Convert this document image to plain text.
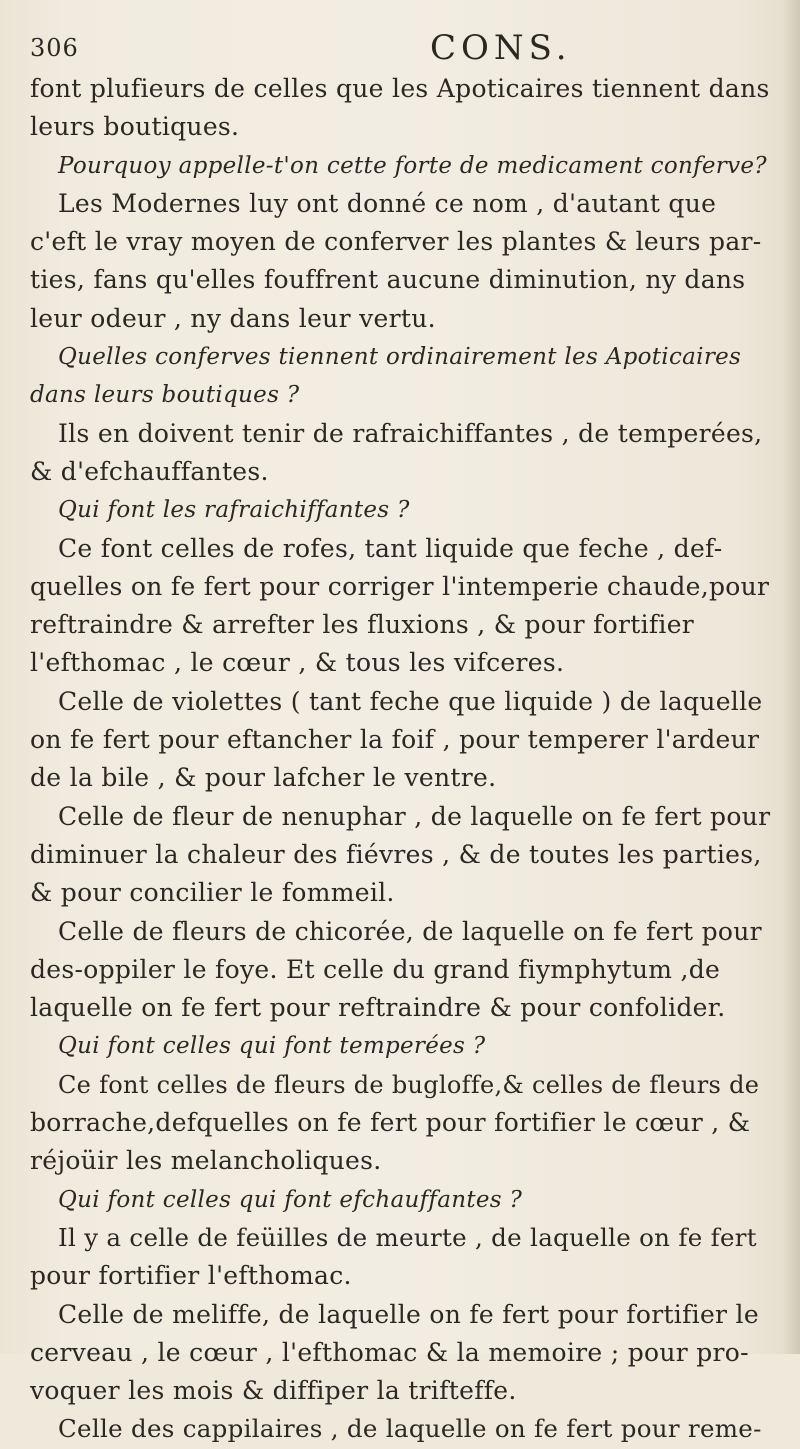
306	CONS.
font plufieurs de celles que les Apoticaires tiennent dans
leurs boutiques.
Pourquoy appelle-t'on cette forte de medicament conferve?
Les Modernes luy ont donné ce nom , d'autant que
c'eft le vray moyen de conferver les plantes & leurs par-
ties, fans qu'elles fouffrent aucune diminution, ny dans
leur odeur , ny dans leur vertu.
Quelles conferves tiennent ordinairement les Apoticaires
dans leurs boutiques ?
Ils en doivent tenir de rafraichiffantes , de temperées,
& d'efchauffantes.
Qui font les rafraichiffantes ?
Ce font celles de rofes, tant liquide que feche , def-
quelles on fe fert pour corriger l'intemperie chaude,pour
reftraindre & arrefter les fluxions , & pour fortifier
l'efthomac , le cœur , & tous les vifceres.
Celle de violettes ( tant feche que liquide ) de laquelle
on fe fert pour eftancher la foif , pour temperer l'ardeur
de la bile , & pour lafcher le ventre.
Celle de fleur de nenuphar , de laquelle on fe fert pour
diminuer la chaleur des fiévres , & de toutes les parties,
& pour concilier le fommeil.
Celle de fleurs de chicorée, de laquelle on fe fert pour
des-oppiler le foye. Et celle du grand fiymphytum ,de
laquelle on fe fert pour reftraindre & pour confolider.
Qui font celles qui font temperées ?
Ce font celles de fleurs de bugloffe,& celles de fleurs de
borrache,defquelles on fe fert pour fortifier le cœur , &
réjoüir les melancholiques.
Qui font celles qui font efchauffantes ?
Il y a celle de feüilles de meurte , de laquelle on fe fert
pour fortifier l'efthomac.
Celle de meliffe, de laquelle on fe fert pour fortifier le
cerveau , le cœur , l'efthomac & la memoire ; pour pro-
voquer les mois & diffiper la trifteffe.
Celle des cappilaires , de laquelle on fe fert pour reme-
